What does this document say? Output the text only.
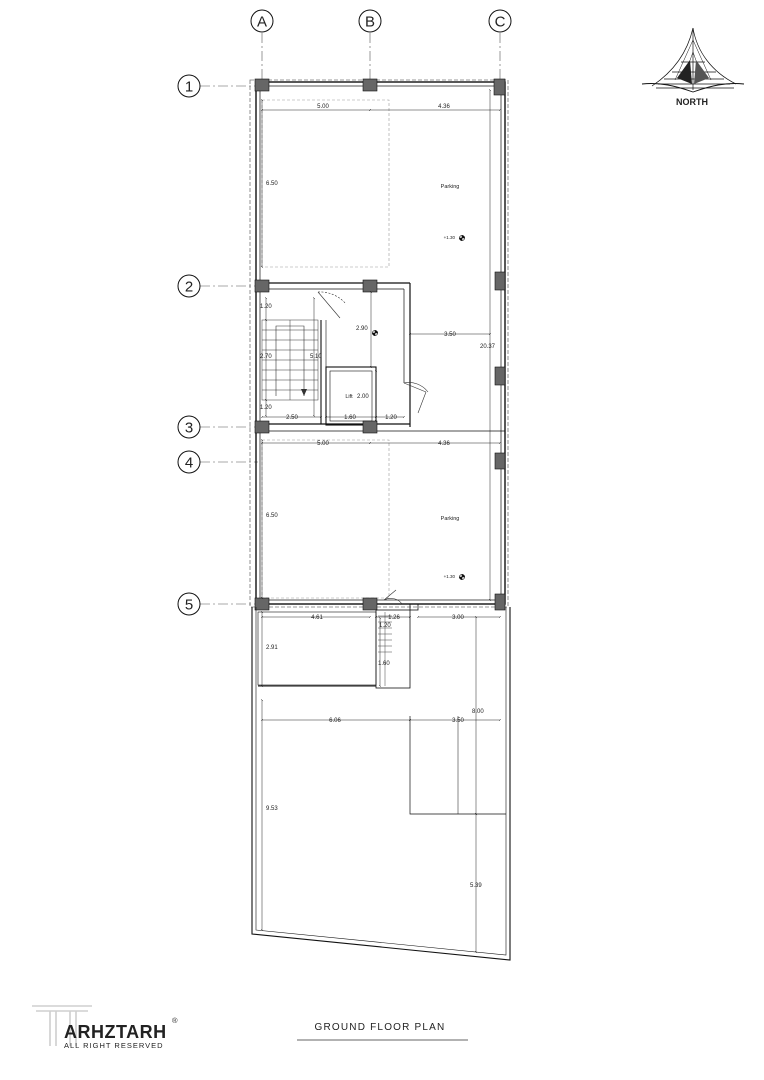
A	B	C
1
2
3
4
5
NORTH
5.00	4.36
6.50
20.37
1.20
2.70	5.10
1.20
2.50	1.60	1.20
2.90
3.50
2.00
5.00	4.36
6.50
4.61	1.26	3.00
1.20
1.60
2.91
6.06	3.50
8.00
9.53
5.39
Parking
Parking
Lift
+1.30
+1.30
GROUND FLOOR PLAN
ARHZTARH
®
ALL RIGHT RESERVED
